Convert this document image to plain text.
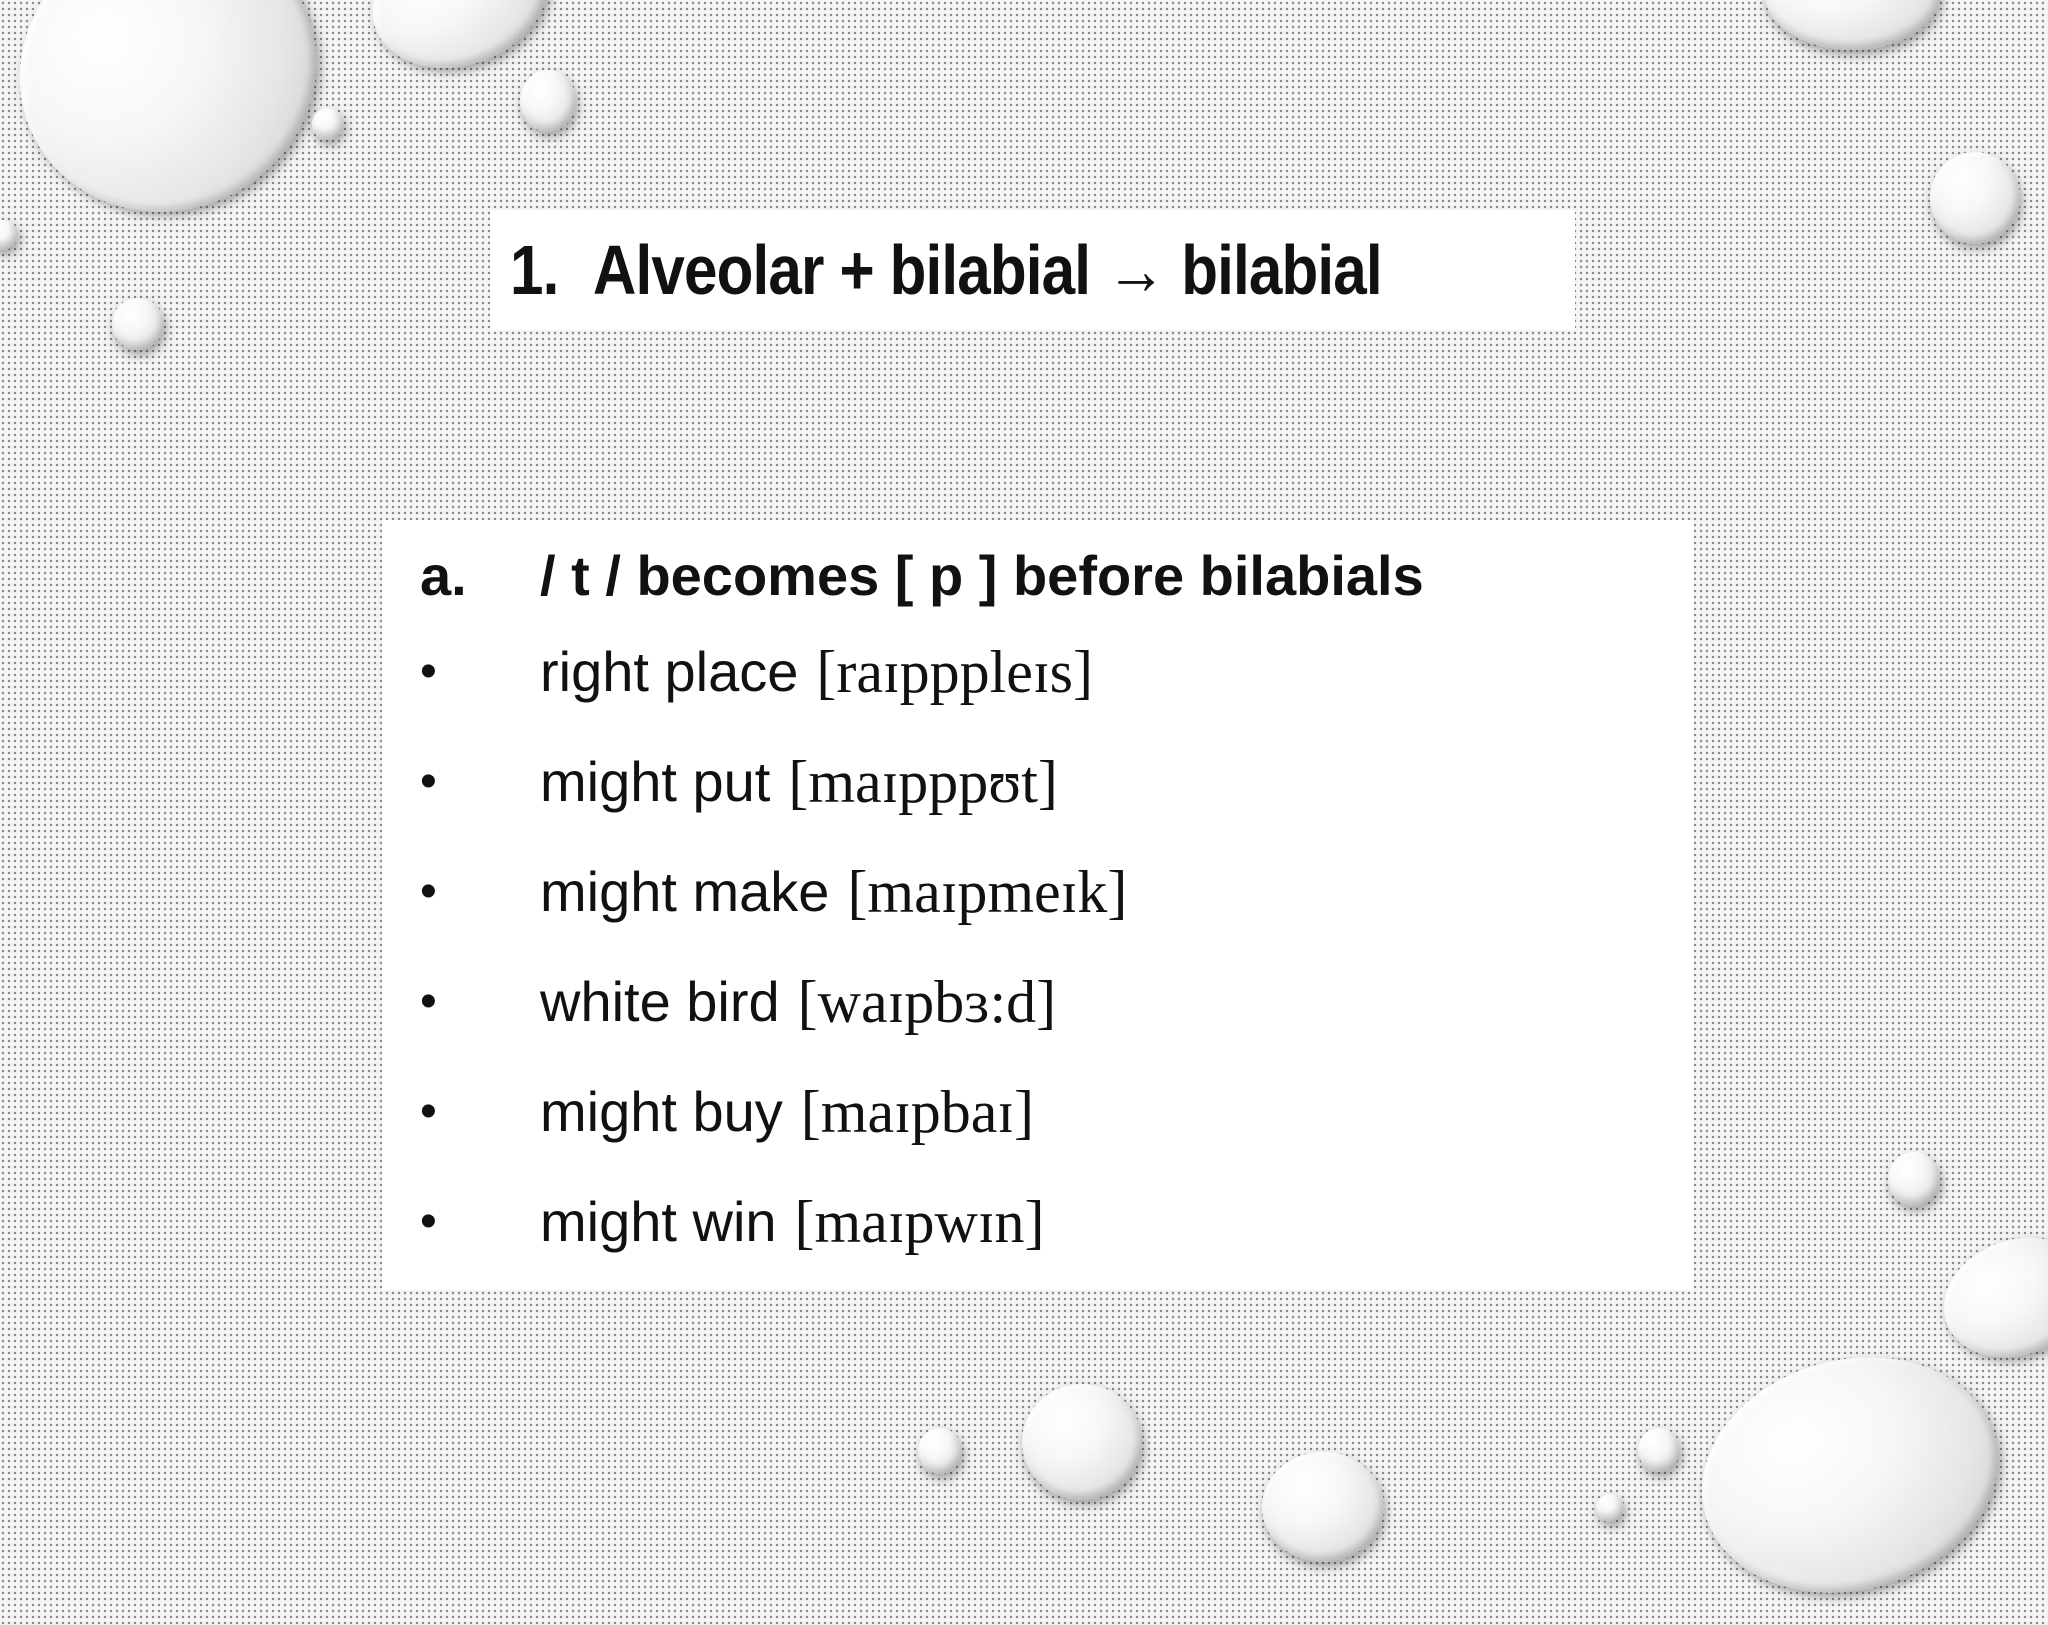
1. Alveolar + bilabial → bilabial
a.	/ t / becomes [ p ] before bilabials
•	right place [raɪpppleɪs]
•	might put [maɪpppʊt]
•	might make [maɪpmeɪk]
•	white bird [waɪpbɜ:d]
•	might buy [maɪpbaɪ]
•	might win [maɪpwɪn]
